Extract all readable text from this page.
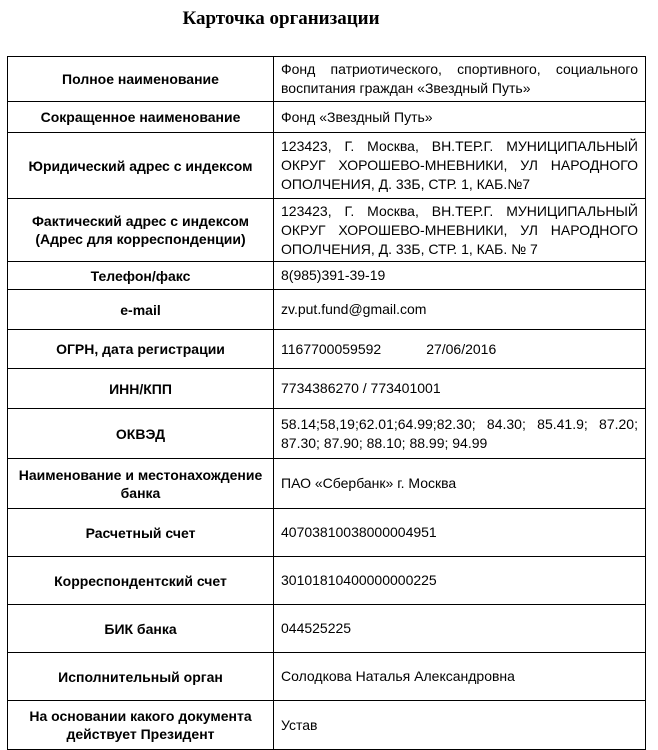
Карточка организации
Полное наименование	Фонд патриотического, спортивного, социального воспитания граждан «Звездный Путь»
Сокращенное наименование	Фонд «Звездный Путь»
Юридический адрес с индексом	123423, Г. Москва, ВН.ТЕР.Г. МУНИЦИПАЛЬНЫЙ ОКРУГ ХОРОШЕВО-МНЕВНИКИ, УЛ НАРОДНОГО ОПОЛЧЕНИЯ, Д. 33Б, СТР. 1, КАБ.№7
Фактический адрес с индексом (Адрес для корреспонденции)	123423, Г. Москва, ВН.ТЕР.Г. МУНИЦИПАЛЬНЫЙ ОКРУГ ХОРОШЕВО-МНЕВНИКИ, УЛ НАРОДНОГО ОПОЛЧЕНИЯ, Д. 33Б, СТР. 1, КАБ. № 7
Телефон/факс	8(985)391-39-19
e-mail	zv.put.fund@gmail.com
ОГРН, дата регистрации	1167700059592 27/06/2016
ИНН/КПП	7734386270 / 773401001
ОКВЭД	58.14;58,19;62.01;64.99;82.30; 84.30; 85.41.9; 87.20; 87.30; 87.90; 88.10; 88.99; 94.99
Наименование и местонахождение банка	ПАО «Сбербанк» г. Москва
Расчетный счет	40703810038000004951
Корреспондентский счет	30101810400000000225
БИК банка	044525225
Исполнительный орган	Солодкова Наталья Александровна
На основании какого документа действует Президент	Устав
